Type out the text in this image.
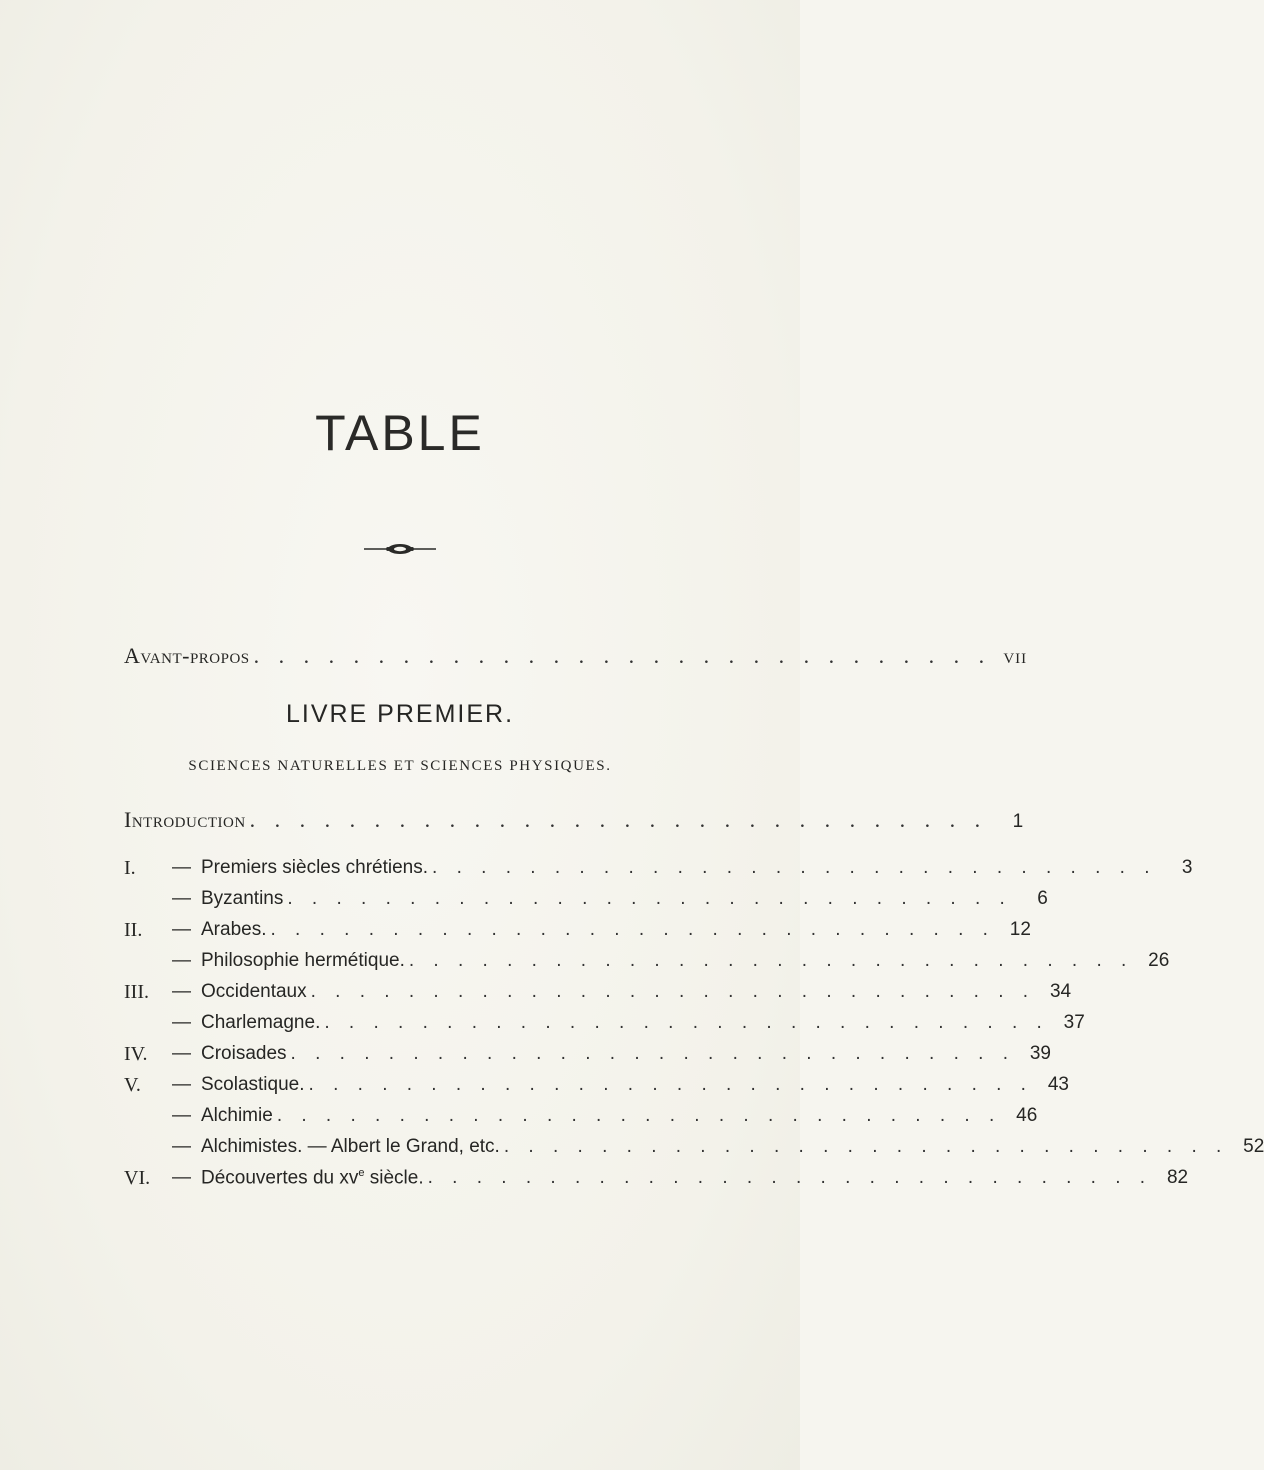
TABLE
Avant-propos . . . . . . . . . . . . . . . . . . . . . . . . . . . . . . VII
LIVRE PREMIER.
SCIENCES NATURELLES ET SCIENCES PHYSIQUES.
Introduction . . . . . . . . . . . . . . . . . . . . . . . . . . . . . .	1
I.	— Premiers siècles chrétiens. . . . . . . . . . . . . . . . . . . . . . . . . . . . . . .	3
— Byzantins . . . . . . . . . . . . . . . . . . . . . . . . . . . . . .	6
II.	— Arabes. . . . . . . . . . . . . . . . . . . . . . . . . . . . . . . 12
— Philosophie hermétique. . . . . . . . . . . . . . . . . . . . . . . . . . . . . . . 26
III.	— Occidentaux . . . . . . . . . . . . . . . . . . . . . . . . . . . . . . 34
— Charlemagne. . . . . . . . . . . . . . . . . . . . . . . . . . . . . . . 37
IV.	— Croisades . . . . . . . . . . . . . . . . . . . . . . . . . . . . . . 39
V.	— Scolastique. . . . . . . . . . . . . . . . . . . . . . . . . . . . . . . 43
— Alchimie . . . . . . . . . . . . . . . . . . . . . . . . . . . . . . 46
— Alchimistes. — Albert le Grand, etc. . . . . . . . . . . . . . . . . . . . . . . . . . . . . . . 52
VI.	— Découvertes du $xv^e$ siècle. . . . . . . . . . . . . . . . . . . . . . . . . . . . . . . 82
